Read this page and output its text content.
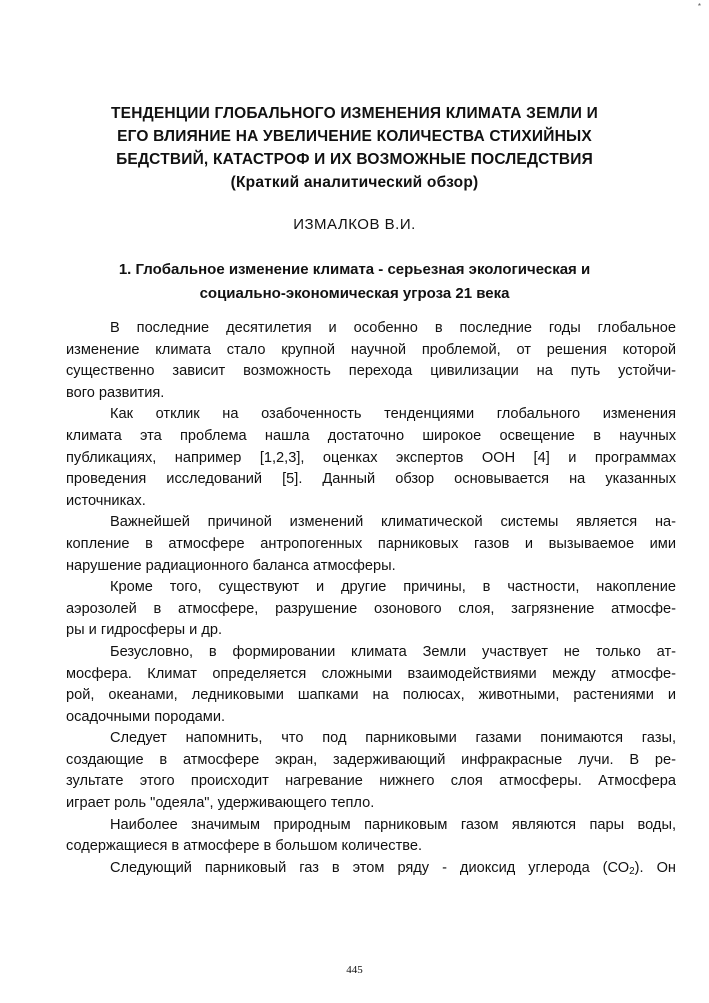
*
ТЕНДЕНЦИИ ГЛОБАЛЬНОГО ИЗМЕНЕНИЯ КЛИМАТА ЗЕМЛИ И
ЕГО ВЛИЯНИЕ НА УВЕЛИЧЕНИЕ КОЛИЧЕСТВА СТИХИЙНЫХ
БЕДСТВИЙ, КАТАСТРОФ И ИХ ВОЗМОЖНЫЕ ПОСЛЕДСТВИЯ
(Краткий аналитический обзор)
ИЗМАЛКОВ В.И.
1. Глобальное изменение климата - серьезная экологическая и
социально-экономическая угроза 21 века

В последние десятилетия и особенно в последние годы глобальное
изменение климата стало крупной научной проблемой, от решения которой
существенно зависит возможность перехода цивилизации на путь устойчи-
вого развития.

Как отклик на озабоченность тенденциями глобального изменения
климата эта проблема нашла достаточно широкое освещение в научных
публикациях, например [1,2,3], оценках экспертов ООН [4] и программах
проведения исследований [5]. Данный обзор основывается на указанных
источниках.

Важнейшей причиной изменений климатической системы является на-
копление в атмосфере антропогенных парниковых газов и вызываемое ими
нарушение радиационного баланса атмосферы.

Кроме того, существуют и другие причины, в частности, накопление
аэрозолей в атмосфере, разрушение озонового слоя, загрязнение атмосфе-
ры и гидросферы и др.

Безусловно, в формировании климата Земли участвует не только ат-
мосфера. Климат определяется сложными взаимодействиями между атмосфе-
рой, океанами, ледниковыми шапками на полюсах, животными, растениями и
осадочными породами.

Следует напомнить, что под парниковыми газами понимаются газы,
создающие в атмосфере экран, задерживающий инфракрасные лучи. В ре-
зультате этого происходит нагревание нижнего слоя атмосферы. Атмосфера
играет роль "одеяла", удерживающего тепло.

Наиболее значимым природным парниковым газом являются пары воды,
содержащиеся в атмосфере в большом количестве.

Следующий парниковый газ в этом ряду - диоксид углерода $(СО_2)$. Он

445
